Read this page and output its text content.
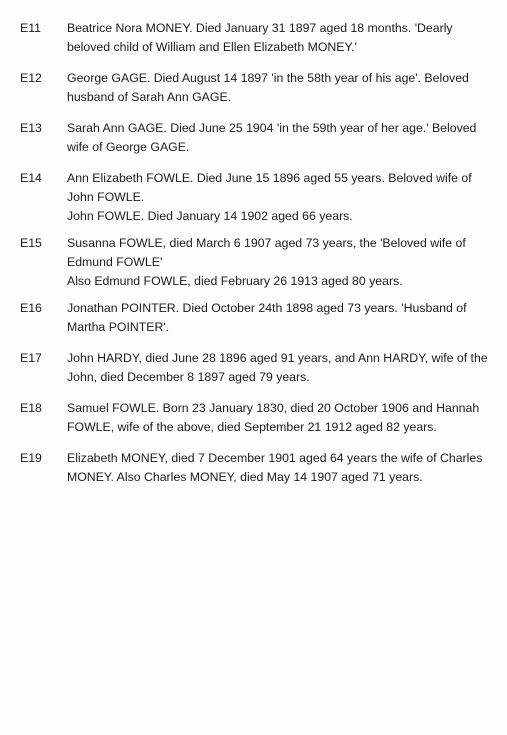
E11	Beatrice Nora MONEY. Died January 31 1897 aged 18 months. 'Dearly
beloved child of William and Ellen Elizabeth MONEY.'
E12	George GAGE. Died August 14 1897 'in the 58th year of his age'. Beloved
husband of Sarah Ann GAGE.
E13	Sarah Ann GAGE. Died June 25 1904 'in the 59th year of her age.' Beloved
wife of George GAGE.
E14	Ann Elizabeth FOWLE. Died June 15 1896 aged 55 years. Beloved wife of
John FOWLE.
John FOWLE. Died January 14 1902 aged 66 years.
E15	Susanna FOWLE, died March 6 1907 aged 73 years, the 'Beloved wife of
Edmund FOWLE'
Also Edmund FOWLE, died February 26 1913 aged 80 years.
E16	Jonathan POINTER. Died October 24th 1898 aged 73 years. 'Husband of
Martha POINTER'.
E17	John HARDY, died June 28 1896 aged 91 years, and Ann HARDY, wife of the
John, died December 8 1897 aged 79 years.
E18	Samuel FOWLE. Born 23 January 1830, died 20 October 1906 and Hannah
FOWLE, wife of the above, died September 21 1912 aged 82 years.
E19	Elizabeth MONEY, died 7 December 1901 aged 64 years the wife of Charles
MONEY. Also Charles MONEY, died May 14 1907 aged 71 years.
